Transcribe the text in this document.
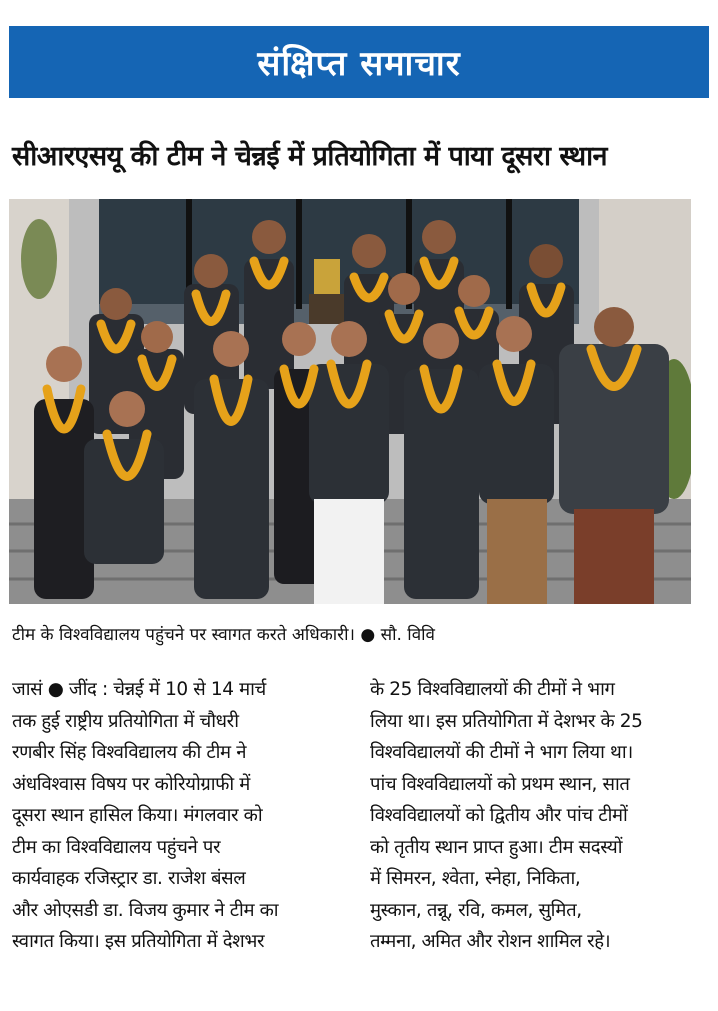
संक्षिप्त समाचार
सीआरएसयू की टीम ने चेन्नई में प्रतियोगिता में पाया दूसरा स्थान
टीम के विश्वविद्यालय पहुंचने पर स्वागत करते अधिकारी। ● सौ. विवि
जासं ● जींद : चेन्नई में 10 से 14 मार्च
तक हुई राष्ट्रीय प्रतियोगिता में चौधरी
रणबीर सिंह विश्वविद्यालय की टीम ने
अंधविश्वास विषय पर कोरियोग्राफी में
दूसरा स्थान हासिल किया। मंगलवार को
टीम का विश्वविद्यालय पहुंचने पर
कार्यवाहक रजिस्ट्रार डा. राजेश बंसल
और ओएसडी डा. विजय कुमार ने टीम का
स्वागत किया। इस प्रतियोगिता में देशभर
के 25 विश्वविद्यालयों की टीमों ने भाग
लिया था। इस प्रतियोगिता में देशभर के 25
विश्वविद्यालयों की टीमों ने भाग लिया था।
पांच विश्वविद्यालयों को प्रथम स्थान, सात
विश्वविद्यालयों को द्वितीय और पांच टीमों
को तृतीय स्थान प्राप्त हुआ। टीम सदस्यों
में सिमरन, श्वेता, स्नेहा, निकिता,
मुस्कान, तन्नू, रवि, कमल, सुमित,
तम्मना, अमित और रोशन शामिल रहे।
